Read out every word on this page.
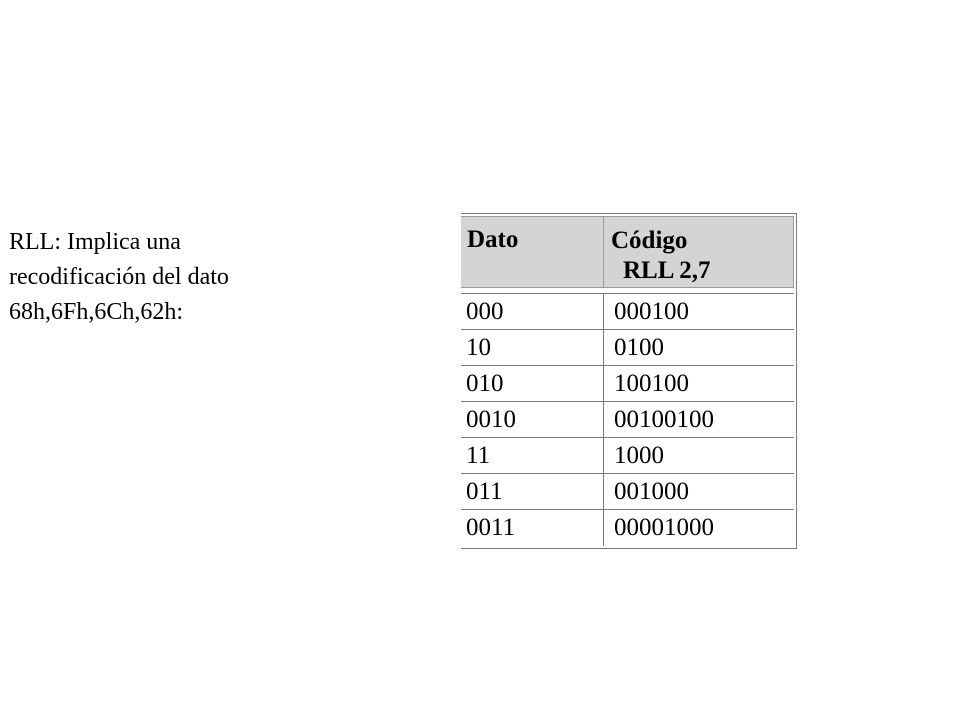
RLL: Implica una
recodificación del dato
68h,6Fh,6Ch,62h:
Dato	Código
RLL 2,7
000	000100
10	0100
010	100100
0010	00100100
11	1000
011	001000
0011	00001000
